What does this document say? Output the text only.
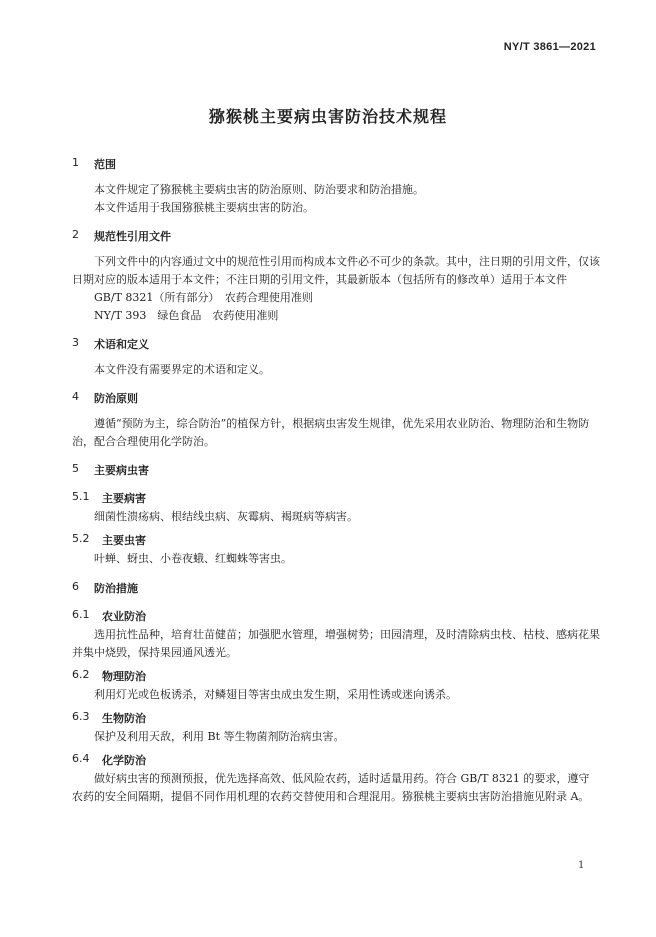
NY/T 3861—2021
猕猴桃主要病虫害防治技术规程
1	范围

本文件规定了猕猴桃主要病虫害的防治原则、防治要求和防治措施。

本文件适用于我国猕猴桃主要病虫害的防治。

2	规范性引用文件

下列文件中的内容通过文中的规范性引用而构成本文件必不可少的条款。其中，注日期的引用文件，仅该日期对应的版本适用于本文件；不注日期的引用文件，其最新版本（包括所有的修改单）适用于本文件

GB/T 8321（所有部分）　农药合理使用准则
NY/T 393　绿色食品　农药使用准则
3	术语和定义

本文件没有需要界定的术语和定义。

4	防治原则

遵循“预防为主，综合防治”的植保方针，根据病虫害发生规律，优先采用农业防治、物理防治和生物防治，配合合理使用化学防治。

5	主要病虫害
5.1	主要病害

细菌性溃疡病、根结线虫病、灰霉病、褐斑病等病害。

5.2	主要虫害

叶蝉、蚜虫、小卷夜蛾、红蜘蛛等害虫。

6	防治措施
6.1	农业防治

选用抗性品种，培育壮苗健苗；加强肥水管理，增强树势；田园清理，及时清除病虫枝、枯枝、感病花果并集中烧毁，保持果园通风透光。

6.2	物理防治

利用灯光或色板诱杀，对鳞翅目等害虫成虫发生期，采用性诱或迷向诱杀。

6.3	生物防治

保护及利用天敌，利用 Bt 等生物菌剂防治病虫害。

6.4	化学防治

做好病虫害的预测预报，优先选择高效、低风险农药，适时适量用药。符合 GB/T 8321 的要求，遵守农药的安全间隔期，提倡不同作用机理的农药交替使用和合理混用。猕猴桃主要病虫害防治措施见附录 A。

1
